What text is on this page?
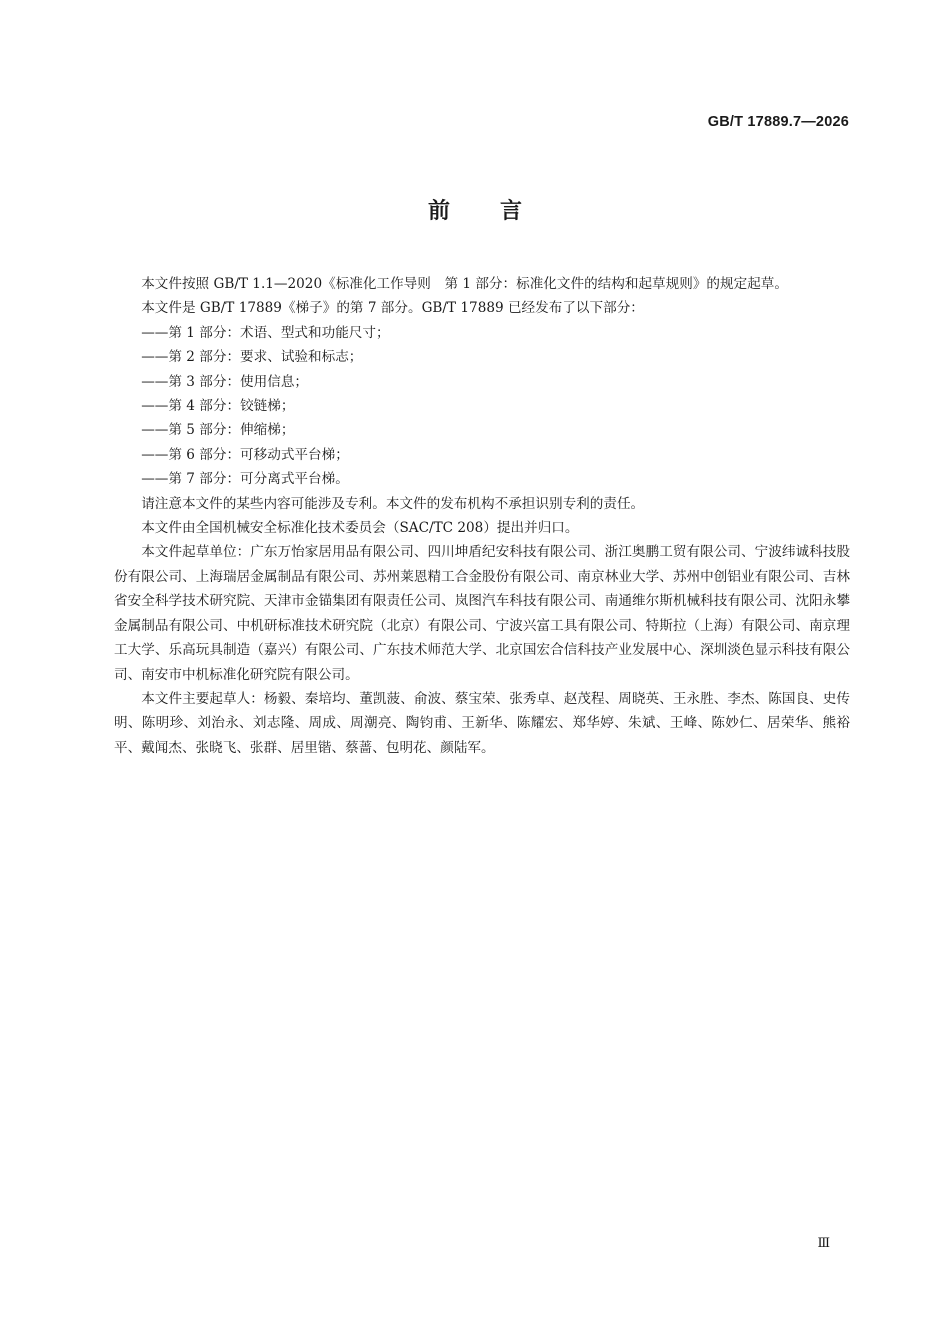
GB/T 17889.7—2026
前 言

本文件按照 GB/T 1.1—2020《标准化工作导则　第 1 部分：标准化文件的结构和起草规则》的规定起草。

本文件是 GB/T 17889《梯子》的第 7 部分。GB/T 17889 已经发布了以下部分：

——第 1 部分：术语、型式和功能尺寸；

——第 2 部分：要求、试验和标志；

——第 3 部分：使用信息；

——第 4 部分：铰链梯；

——第 5 部分：伸缩梯；

——第 6 部分：可移动式平台梯；

——第 7 部分：可分离式平台梯。

请注意本文件的某些内容可能涉及专利。本文件的发布机构不承担识别专利的责任。

本文件由全国机械安全标准化技术委员会（SAC/TC 208）提出并归口。

本文件起草单位：广东万怡家居用品有限公司、四川坤盾纪安科技有限公司、浙江奥鹏工贸有限公司、宁波纬诚科技股份有限公司、上海瑞居金属制品有限公司、苏州莱恩精工合金股份有限公司、南京林业大学、苏州中创铝业有限公司、吉林省安全科学技术研究院、天津市金锚集团有限责任公司、岚图汽车科技有限公司、南通维尔斯机械科技有限公司、沈阳永攀金属制品有限公司、中机研标准技术研究院（北京）有限公司、宁波兴富工具有限公司、特斯拉（上海）有限公司、南京理工大学、乐高玩具制造（嘉兴）有限公司、广东技术师范大学、北京国宏合信科技产业发展中心、深圳淡色显示科技有限公司、南安市中机标准化研究院有限公司。

本文件主要起草人：杨毅、秦培均、董凯菠、俞波、蔡宝荣、张秀卓、赵茂程、周晓英、王永胜、李杰、陈国良、史传明、陈明珍、刘治永、刘志隆、周成、周潮亮、陶钧甫、王新华、陈耀宏、郑华婷、朱斌、王峰、陈妙仁、居荣华、熊裕平、戴闻杰、张晓飞、张群、居里锴、蔡蔷、包明花、颜陆军。

Ⅲ
